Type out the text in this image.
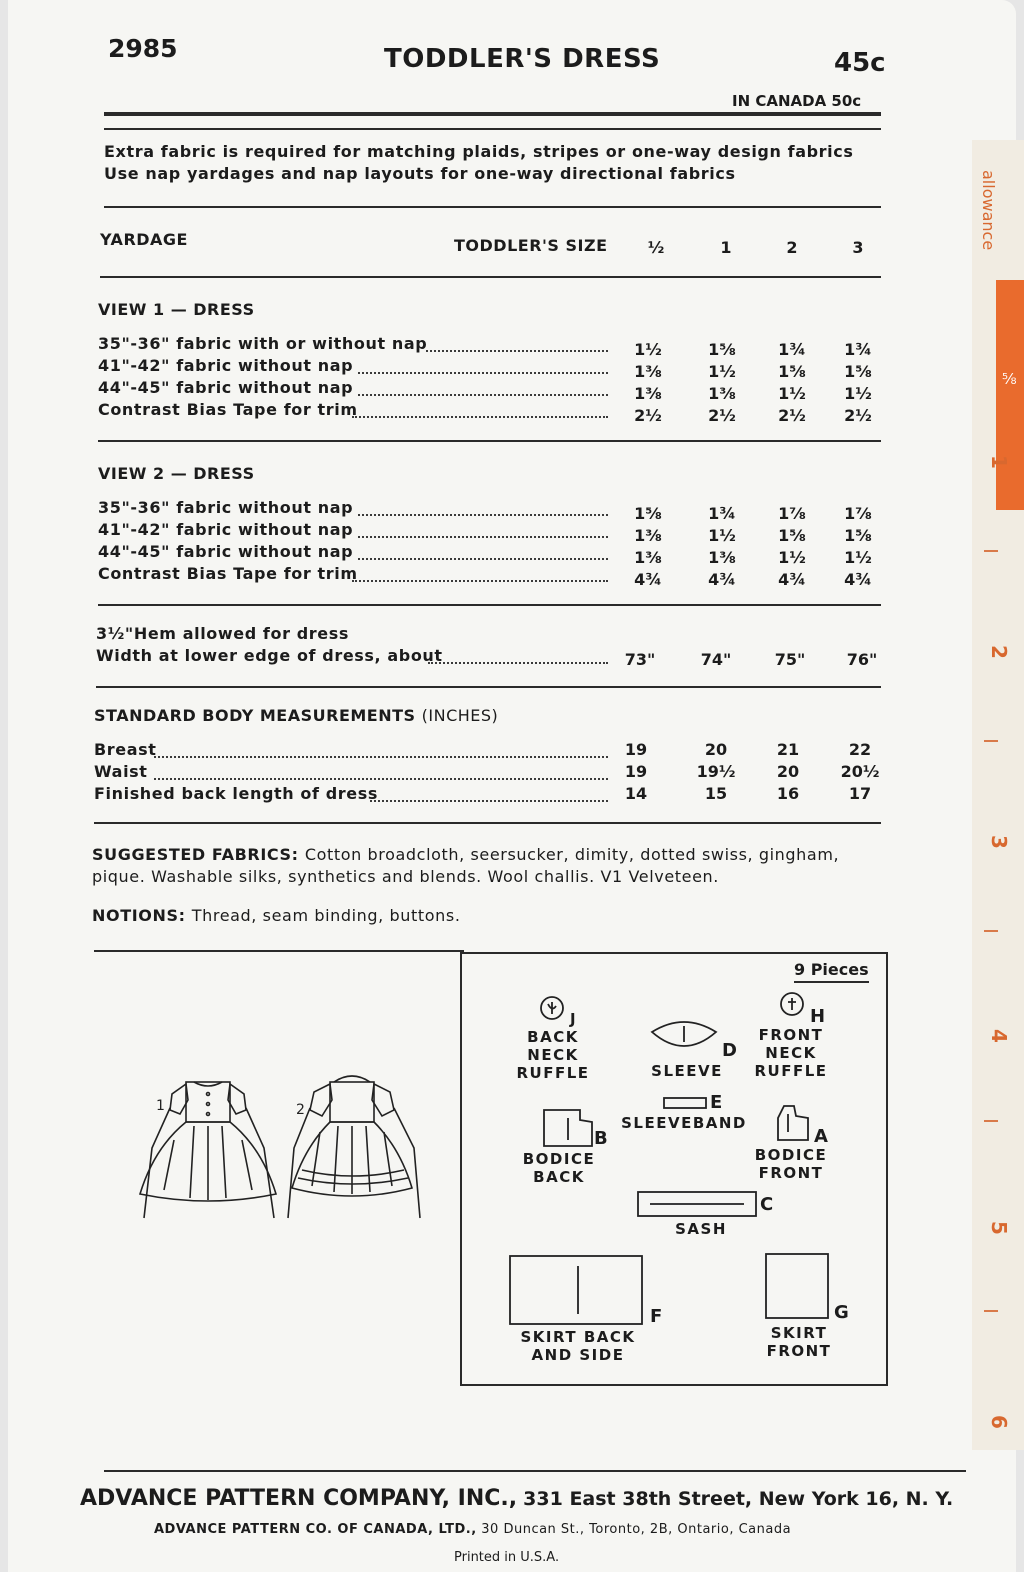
2985	TODDLER'S DRESS	45c
IN CANADA 50c
Extra fabric is required for matching plaids, stripes or one-way design fabrics
Use nap yardages and nap layouts for one-way directional fabrics
YARDAGE	TODDLER'S SIZE	½	1	2	3
VIEW 1 — DRESS
35"-36" fabric with or without nap	1½	1⅝	1¾	1¾
41"-42" fabric without nap	1⅜	1½	1⅝	1⅝
44"-45" fabric without nap	1⅜	1⅜	1½	1½
Contrast Bias Tape for trim	2½	2½	2½	2½
VIEW 2 — DRESS
35"-36" fabric without nap	1⅝	1¾	1⅞	1⅞
41"-42" fabric without nap	1⅜	1½	1⅝	1⅝
44"-45" fabric without nap	1⅜	1⅜	1½	1½
Contrast Bias Tape for trim	4¾	4¾	4¾	4¾
3½"Hem allowed for dress
Width at lower edge of dress, about	73"	74"	75"	76"
STANDARD BODY MEASUREMENTS (INCHES)
Breast	19	20	21	22
Waist	19	19½	20	20½
Finished back length of dress	14	15	16	17
SUGGESTED FABRICS: Cotton broadcloth, seersucker, dimity, dotted swiss, gingham,
pique. Washable silks, synthetics and blends. Wool challis. V1 Velveteen.
NOTIONS: Thread, seam binding, buttons.
1	2
9 Pieces
J
BACK
NECK
RUFFLE
D
SLEEVE
H
FRONT
NECK
RUFFLE
E
SLEEVEBAND
B
BODICE
BACK
A
BODICE
FRONT
C
SASH
F
SKIRT BACK
AND SIDE
G
SKIRT
FRONT
ADVANCE PATTERN COMPANY, INC., 331 East 38th Street, New York 16, N. Y.
ADVANCE PATTERN CO. OF CANADA, LTD., 30 Duncan St., Toronto, 2B, Ontario, Canada
Printed in U.S.A.
allowance
⅝
1
2
3
4
5
6
